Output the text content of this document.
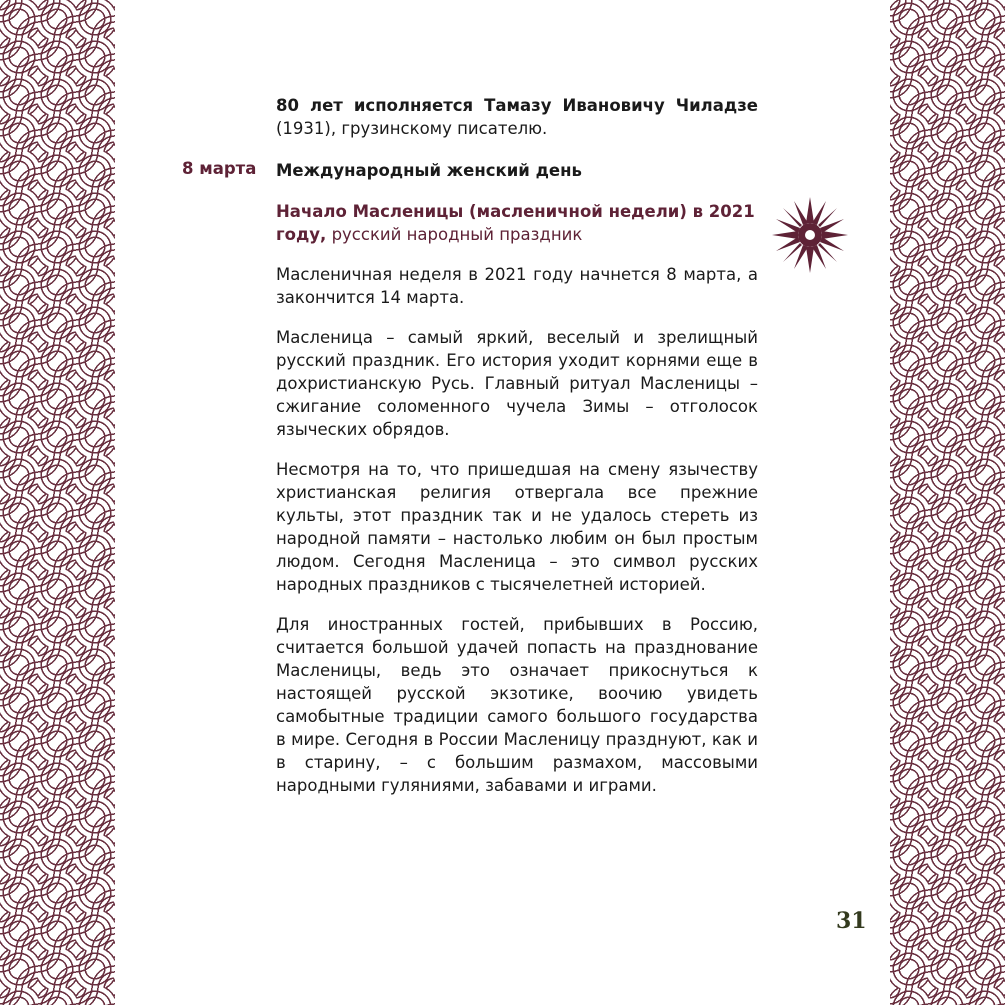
8 марта
80 лет исполняется Тамазу Ивановичу Чиладзе (1931), грузинскому писателю.
Международный женский день
Начало Масленицы (масленичной недели) в 2021 году, русский народный праздник

Масленичная неделя в 2021 году начнется 8 марта, а закончится 14 марта.

Масленица – самый яркий, веселый и зрелищный русский праздник. Его история уходит корнями еще в дохристианскую Русь. Главный ритуал Масленицы – сжигание соломенного чучела Зимы – отголосок языческих обрядов.

Несмотря на то, что пришедшая на смену язычеству христианская религия отвергала все прежние культы, этот праздник так и не удалось стереть из народной памяти – настолько любим он был простым людом. Сегодня Масленица – это символ русских народных праздников с тысячелетней историей.

Для иностранных гостей, прибывших в Россию, считается большой удачей попасть на празднование Масленицы, ведь это означает прикоснуться к настоящей русской экзотике, воочию увидеть самобытные традиции самого большого государства в мире. Сегодня в России Масленицу празднуют, как и в старину, – с большим размахом, массовыми народными гуляниями, забавами и играми.

31
